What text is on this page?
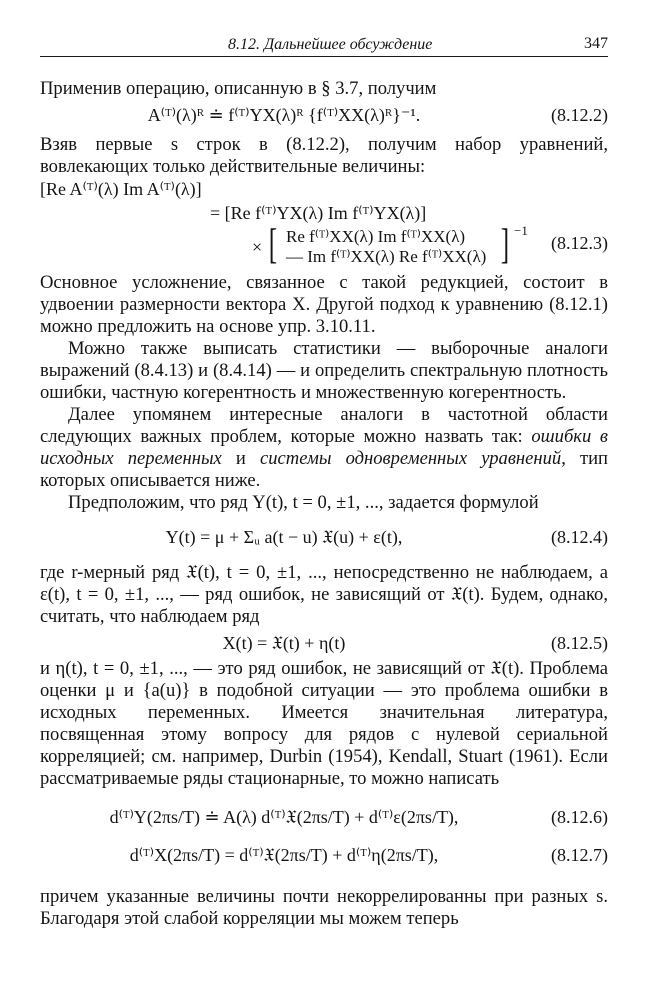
8.12. Дальнейшее обсуждение	347

Применив операцию, описанную в § 3.7, получим

A⁽ᵀ⁾(λ)ᴿ ≐ f⁽ᵀ⁾YX(λ)ᴿ {f⁽ᵀ⁾XX(λ)ᴿ}⁻¹.	(8.12.2)

Взяв первые s строк в (8.12.2), получим набор уравнений, вовлекающих только действительные величины:

[Re A⁽ᵀ⁾(λ) Im A⁽ᵀ⁾(λ)]
= [Re f⁽ᵀ⁾YX(λ) Im f⁽ᵀ⁾YX(λ)]
× [ Re f⁽ᵀ⁾XX(λ) Im f⁽ᵀ⁾XX(λ)
— Im f⁽ᵀ⁾XX(λ) Re f⁽ᵀ⁾XX(λ) ] −1
(8.12.3)

Основное усложнение, связанное с такой редукцией, состоит в удвоении размерности вектора X. Другой подход к уравнению (8.12.1) можно предложить на основе упр. 3.10.11.

Можно также выписать статистики — выборочные аналоги выражений (8.4.13) и (8.4.14) — и определить спектральную плотность ошибки, частную когерентность и множественную когерентность.

Далее упомянем интересные аналоги в частотной области следующих важных проблем, которые можно назвать так: ошибки в исходных переменных и системы одновременных уравнений, тип которых описывается ниже.

Предположим, что ряд Y(t), t = 0, ±1, ..., задается формулой

Y(t) = μ + Σᵤ a(t − u) 𝔛(u) + ε(t),	(8.12.4)

где r-мерный ряд 𝔛(t), t = 0, ±1, ..., непосредственно не наблюдаем, а ε(t), t = 0, ±1, ..., — ряд ошибок, не зависящий от 𝔛(t). Будем, однако, считать, что наблюдаем ряд

X(t) = 𝔛(t) + η(t)	(8.12.5)

и η(t), t = 0, ±1, ..., — это ряд ошибок, не зависящий от 𝔛(t). Проблема оценки μ и {a(u)} в подобной ситуации — это проблема ошибки в исходных переменных. Имеется значительная литература, посвященная этому вопросу для рядов с нулевой сериальной корреляцией; см. например, Durbin (1954), Kendall, Stuart (1961). Если рассматриваемые ряды стационарные, то можно написать

d⁽ᵀ⁾Y(2πs/T) ≐ A(λ) d⁽ᵀ⁾𝔛(2πs/T) + d⁽ᵀ⁾ε(2πs/T),	(8.12.6)
d⁽ᵀ⁾X(2πs/T) = d⁽ᵀ⁾𝔛(2πs/T) + d⁽ᵀ⁾η(2πs/T),	(8.12.7)

причем указанные величины почти некоррелированны при разных s. Благодаря этой слабой корреляции мы можем теперь
